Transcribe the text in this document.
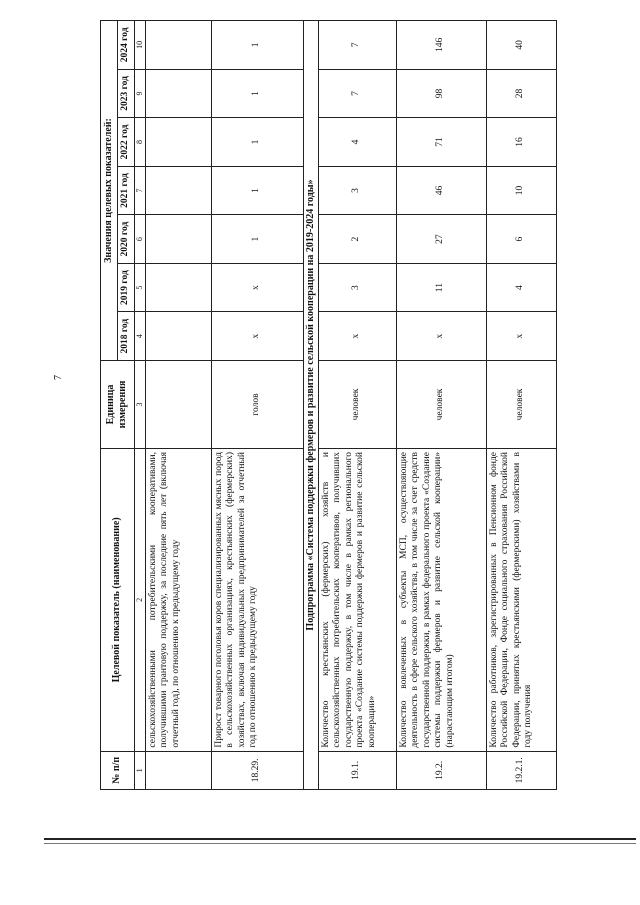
7
№ п/п	Целевой показатель (наименование)	Единица измерения	Значения целевых показателей:						
			2018 год	2019 год	2020 год	2021 год	2022 год	2023 год	2024 год
1	2	3	4	5	6	7	8	9	10
	сельскохозяйственными потребительскими кооперативами, получившими грантовую поддержку, за последние пять лет (включая отчетный год), по отношению к предыдущему году								
18.29.	Прирост товарного поголовья коров специализированных мясных пород в сельскохозяйственных организациях, крестьянских (фермерских) хозяйствах, включая индивидуальных предпринимателей за отчетный год по отношению к предыдущему году	голов	x	x	1	1	1	1	1
Подпрограмма «Система поддержки фермеров и развитие сельской кооперации на 2019-2024 годы»									
19.1.	Количество крестьянских (фермерских) хозяйств и сельскохозяйственных потребительских кооперативов, получивших государственную поддержку, в том числе в рамках регионального проекта «Создание системы поддержки фермеров и развитие сельской кооперации»	человек	x	3	2	3	4	7	7
19.2.	Количество вовлеченных в субъекты МСП, осуществляющие деятельность в сфере сельского хозяйства, в том числе за счет средств государственной поддержки, в рамках федерального проекта «Создание системы поддержки фермеров и развитие сельской кооперации» (нарастающим итогом)	человек	x	11	27	46	71	98	146
19.2.1.	Количество работников, зарегистрированных в Пенсионном фонде Российской Федерации, Фонде социального страхования Российской Федерации, принятых крестьянскими (фермерскими) хозяйствами в году получения	человек	x	4	6	10	16	28	40
